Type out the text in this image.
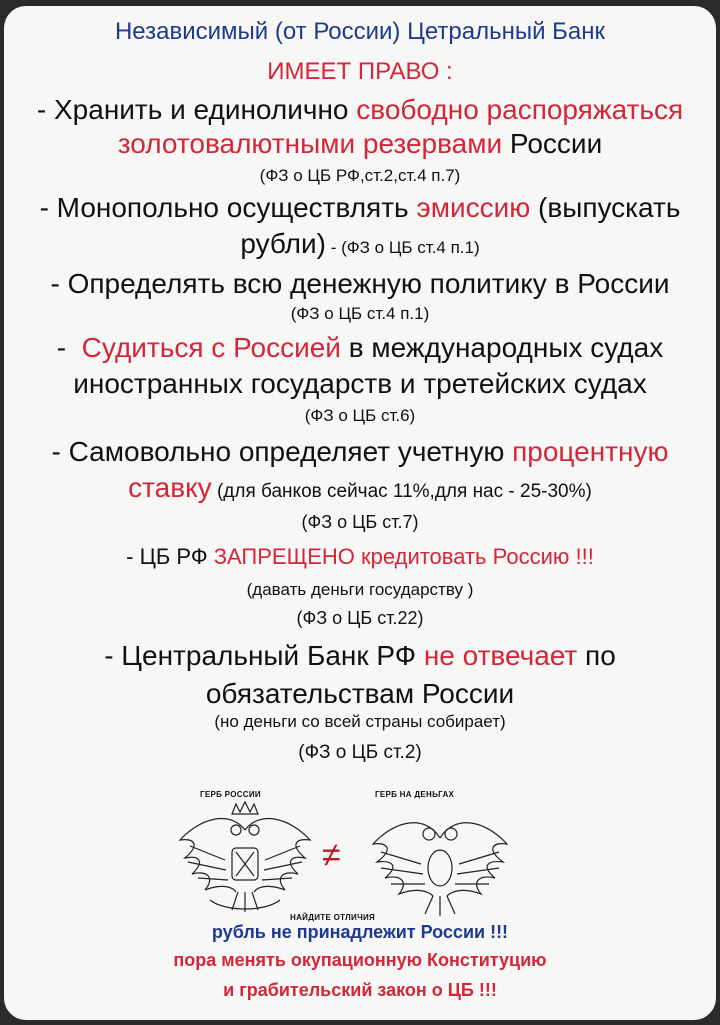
Независимый (от России) Цетральный Банк
ИМЕЕТ ПРАВО :
- Хранить и единолично свободно распоряжаться
золотовалютными резервами России
(ФЗ о ЦБ РФ,ст.2,ст.4 п.7)
- Монопольно осуществлять эмиссию (выпускать
рубли) - (ФЗ о ЦБ ст.4 п.1)
- Определять всю денежную политику в России
(ФЗ о ЦБ ст.4 п.1)
- Судиться с Россией в международных судах
иностранных государств и третейских судах
(ФЗ о ЦБ ст.6)
- Самовольно определяет учетную процентную
ставку (для банков сейчас 11%,для нас - 25-30%)
(ФЗ о ЦБ ст.7)
- ЦБ РФ ЗАПРЕЩЕНО кредитовать Россию !!!
(давать деньги государству )
(ФЗ о ЦБ ст.22)
- Центральный Банк РФ не отвечает по
обязательствам России
(но деньги со всей страны собирает)
(ФЗ о ЦБ ст.2)
ГЕРБ РОССИИ	ГЕРБ НА ДЕНЬГАХ
≠
НАЙДИТЕ ОТЛИЧИЯ
рубль не принадлежит России !!!
пора менять окупационную Конституцию
и грабительский закон о ЦБ !!!
